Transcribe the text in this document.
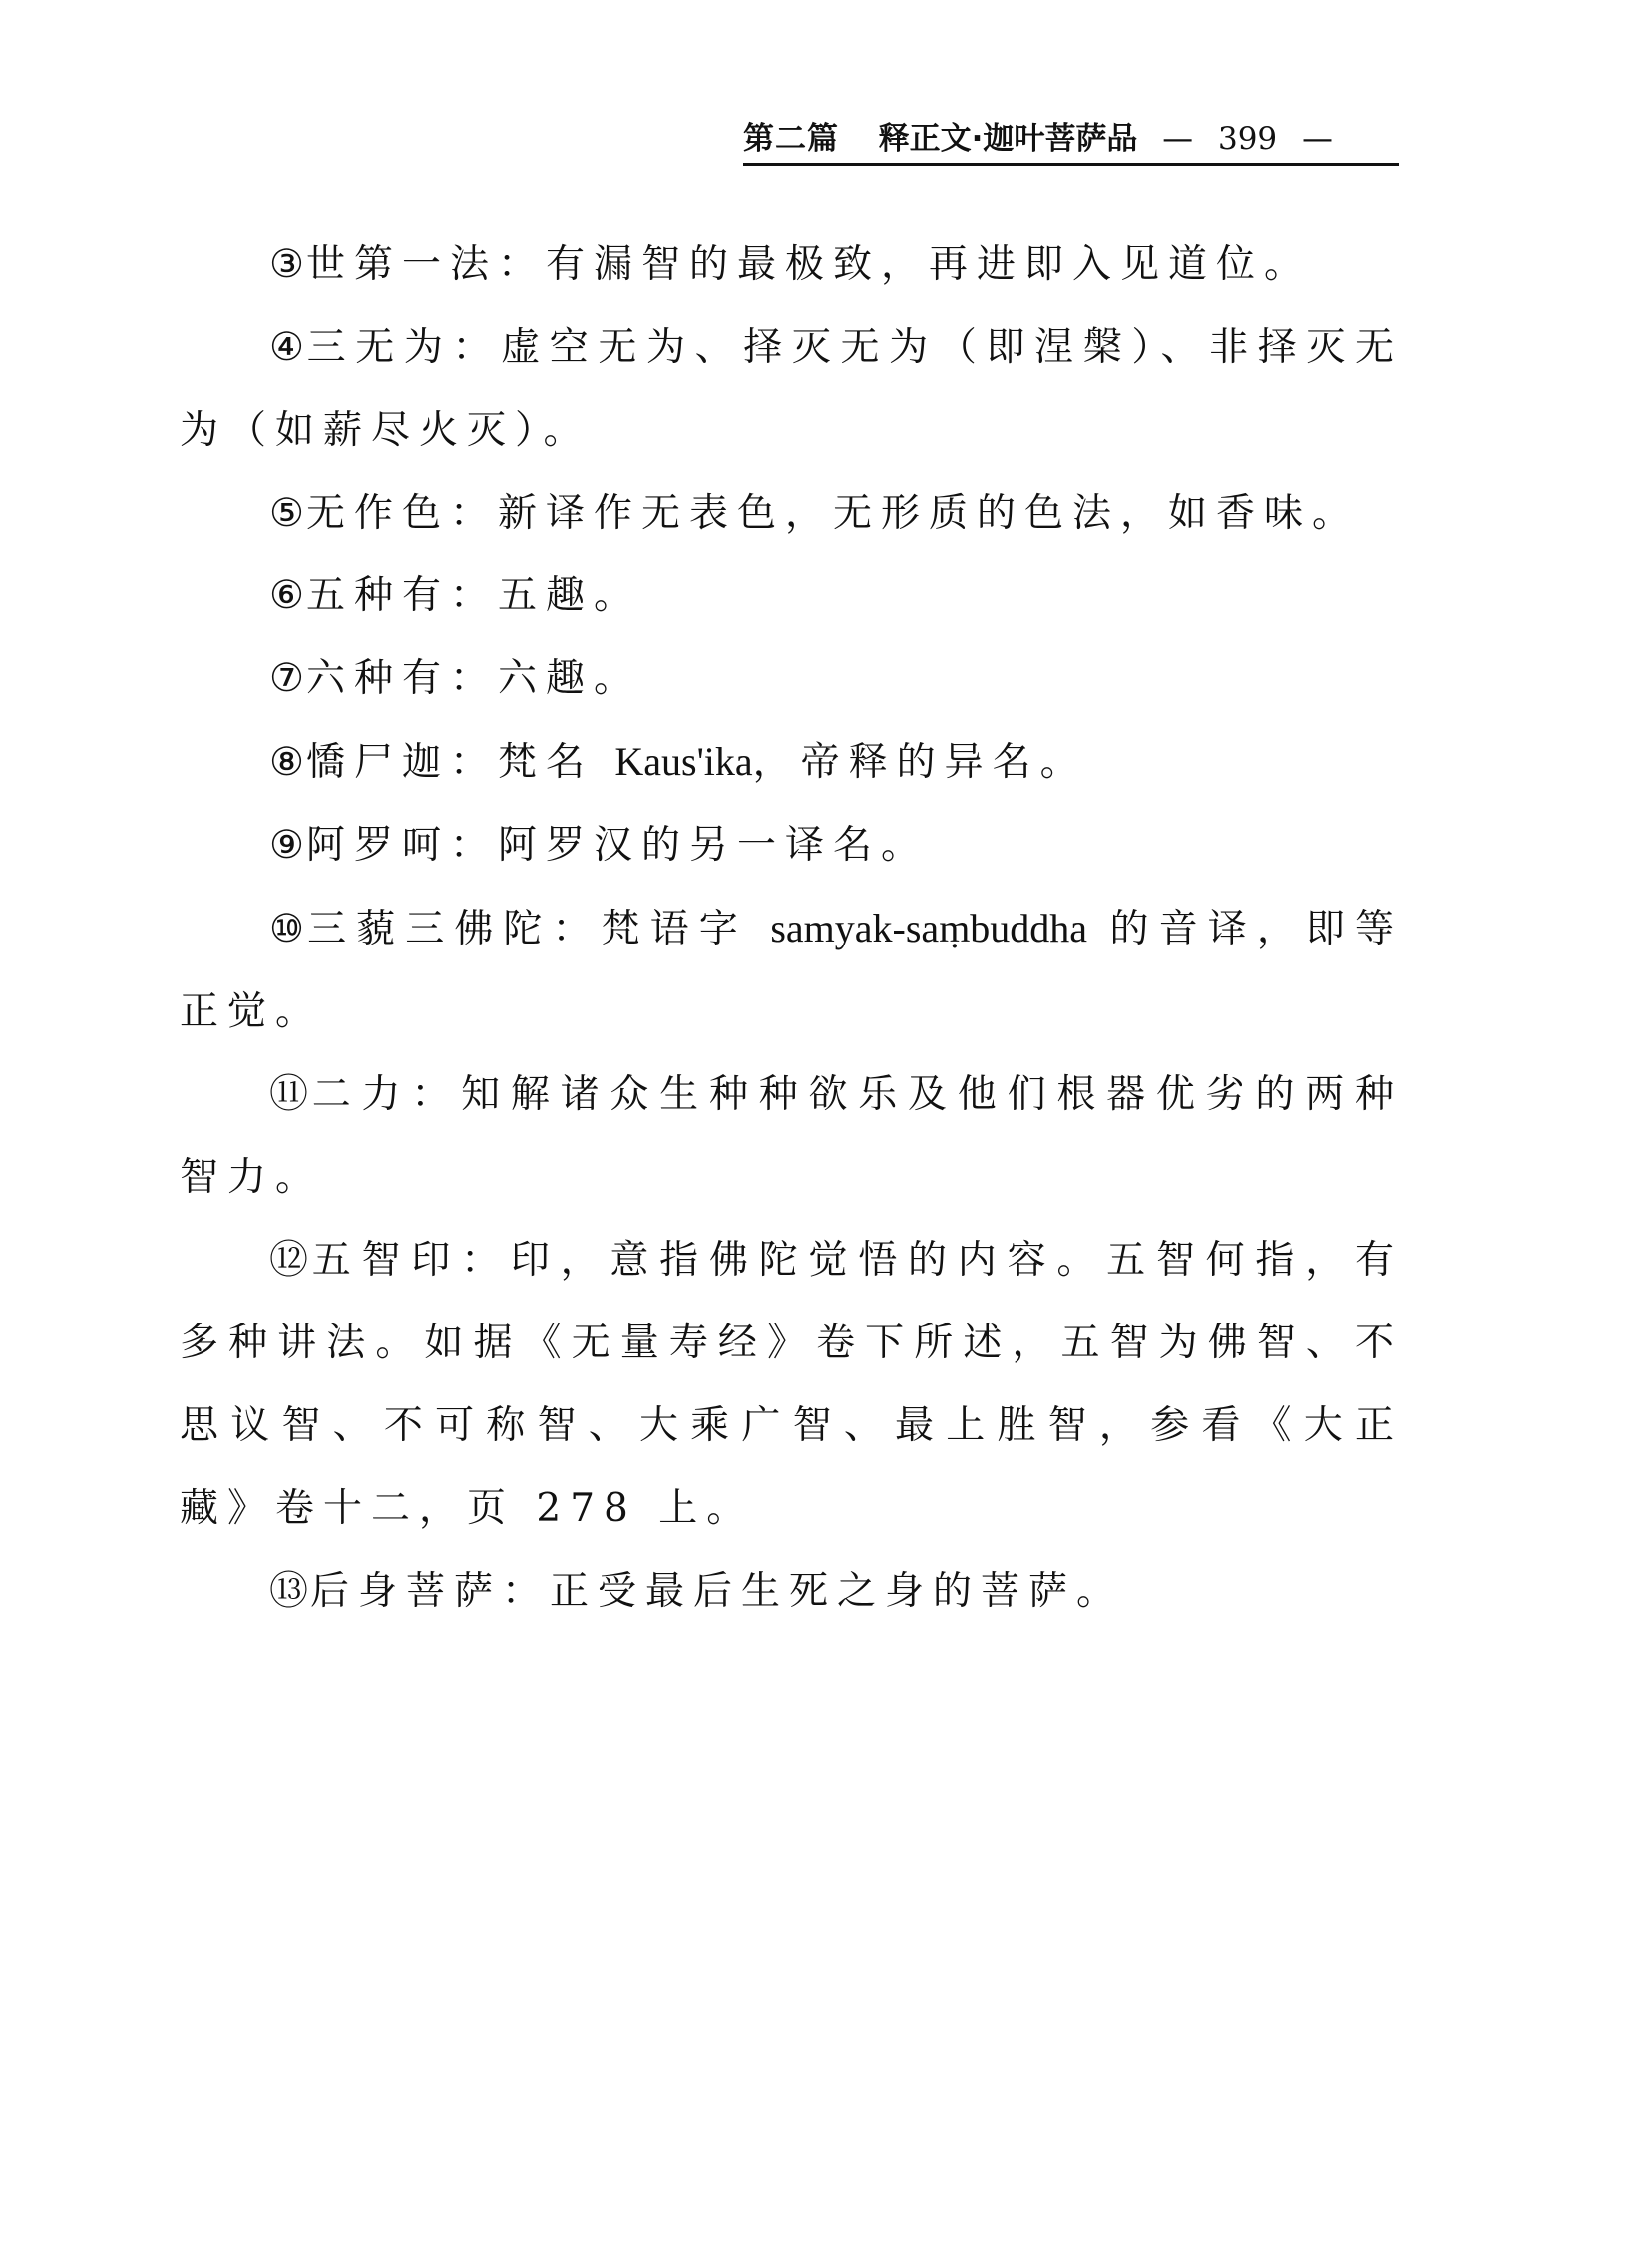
第二篇 释正文·迦叶菩萨品 — 399 —

③世第一法：有漏智的最极致，再进即入见道位。

④三无为：虚空无为、择灭无为（即涅槃）、非择灭无为（如薪尽火灭）。

⑤无作色：新译作无表色，无形质的色法，如香味。

⑥五种有：五趣。

⑦六种有：六趣。

⑧憍尸迦：梵名 Kaus'ika，帝释的异名。

⑨阿罗呵：阿罗汉的另一译名。

⑩三藐三佛陀：梵语字 samyak-saṃbuddha 的音译，即等正觉。

⑪二力：知解诸众生种种欲乐及他们根器优劣的两种智力。

⑫五智印：印，意指佛陀觉悟的内容。五智何指，有多种讲法。如据《无量寿经》卷下所述，五智为佛智、不思议智、不可称智、大乘广智、最上胜智，参看《大正藏》卷十二，页 278 上。

⑬后身菩萨：正受最后生死之身的菩萨。
